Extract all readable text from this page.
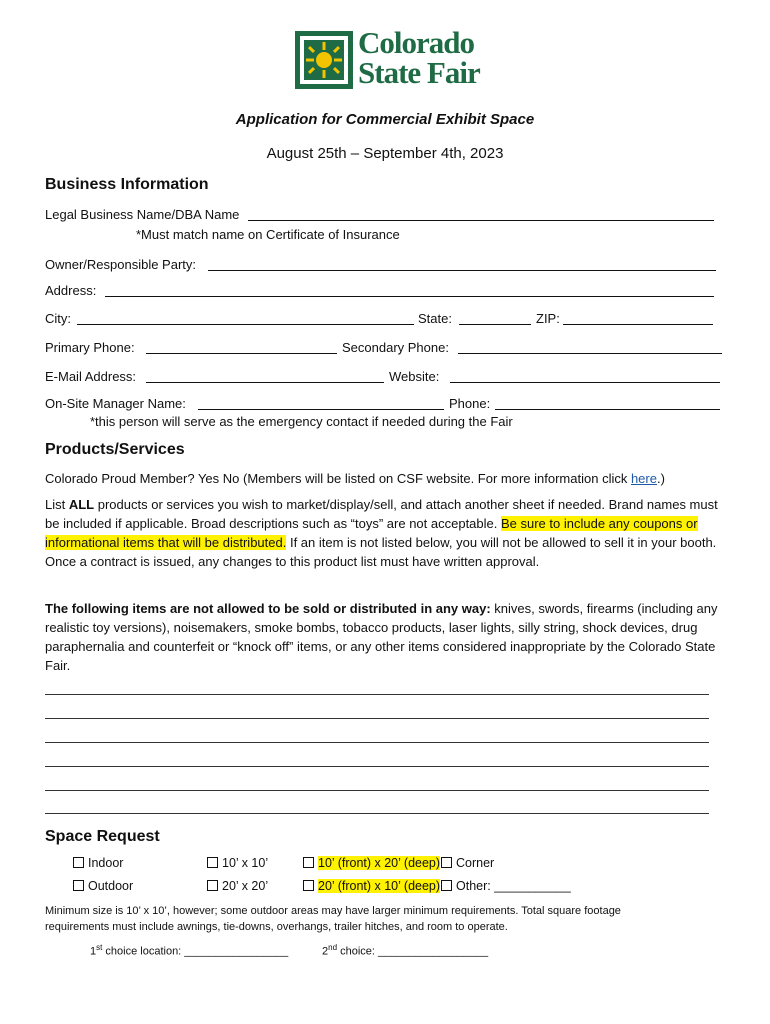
Colorado
State Fair
Application for Commercial Exhibit Space
August 25th – September 4th, 2023
Business Information
Legal Business Name/DBA Name
*Must match name on Certificate of Insurance
Owner/Responsible Party:
Address:
City:	State:	ZIP:
Primary Phone:	Secondary Phone:
E-Mail Address:	Website:
On-Site Manager Name:	Phone:
*this person will serve as the emergency contact if needed during the Fair
Products/Services
Colorado Proud Member? Yes No (Members will be listed on CSF website. For more information click here.)
List ALL products or services you wish to market/display/sell, and attach another sheet if needed. Brand names must be included if applicable. Broad descriptions such as “toys” are not acceptable. Be sure to include any coupons or informational items that will be distributed. If an item is not listed below, you will not be allowed to sell it in your booth. Once a contract is issued, any changes to this product list must have written approval.
The following items are not allowed to be sold or distributed in any way: knives, swords, firearms (including any realistic toy versions), noisemakers, smoke bombs, tobacco products, laser lights, silly string, shock devices, drug paraphernalia and counterfeit or “knock off” items, or any other items considered inappropriate by the Colorado State Fair.
Space Request
Indoor	10’ x 10’	10’ (front) x 20’ (deep)	Corner
Outdoor	20’ x 20’	20’ (front) x 10’ (deep)	Other: ___________
Minimum size is 10’ x 10’, however; some outdoor areas may have larger minimum requirements. Total square footage requirements must include awnings, tie-downs, overhangs, trailer hitches, and room to operate.
1st choice location: _________________	2nd choice: __________________
